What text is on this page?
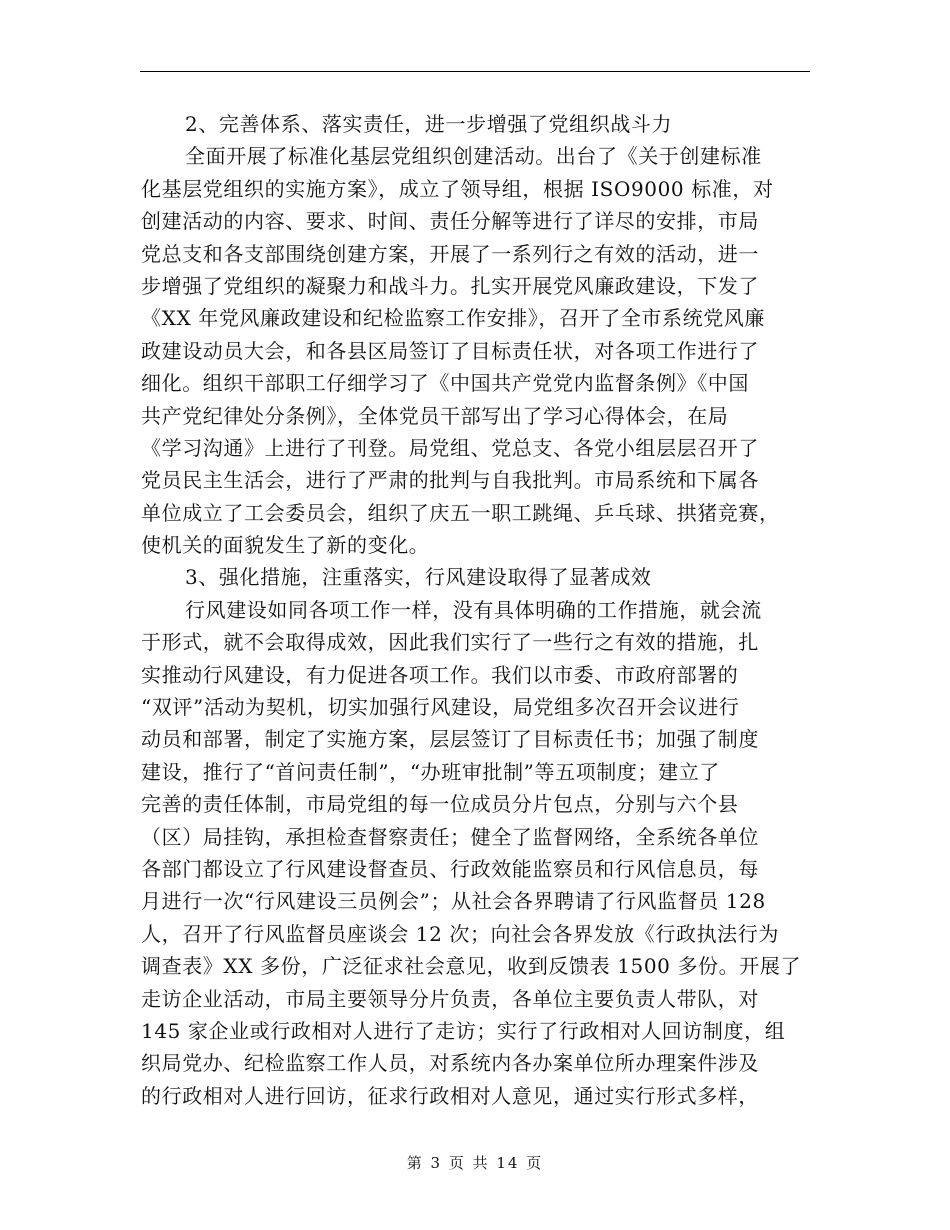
2、完善体系、落实责任，进一步增强了党组织战斗力
全面开展了标准化基层党组织创建活动。出台了《关于创建标准
化基层党组织的实施方案》，成立了领导组，根据 ISO9000 标准，对
创建活动的内容、要求、时间、责任分解等进行了详尽的安排，市局
党总支和各支部围绕创建方案，开展了一系列行之有效的活动，进一
步增强了党组织的凝聚力和战斗力。扎实开展党风廉政建设，下发了
《XX 年党风廉政建设和纪检监察工作安排》，召开了全市系统党风廉
政建设动员大会，和各县区局签订了目标责任状，对各项工作进行了
细化。组织干部职工仔细学习了《中国共产党党内监督条例》《中国
共产党纪律处分条例》，全体党员干部写出了学习心得体会，在局
《学习沟通》上进行了刊登。局党组、党总支、各党小组层层召开了
党员民主生活会，进行了严肃的批判与自我批判。市局系统和下属各
单位成立了工会委员会，组织了庆五一职工跳绳、乒乓球、拱猪竞赛，
使机关的面貌发生了新的变化。
3、强化措施，注重落实，行风建设取得了显著成效
行风建设如同各项工作一样，没有具体明确的工作措施，就会流
于形式，就不会取得成效，因此我们实行了一些行之有效的措施，扎
实推动行风建设，有力促进各项工作。我们以市委、市政府部署的
“双评”活动为契机，切实加强行风建设，局党组多次召开会议进行
动员和部署，制定了实施方案，层层签订了目标责任书；加强了制度
建设，推行了“首问责任制”，“办班审批制”等五项制度；建立了
完善的责任体制，市局党组的每一位成员分片包点，分别与六个县
（区）局挂钩，承担检查督察责任；健全了监督网络，全系统各单位
各部门都设立了行风建设督查员、行政效能监察员和行风信息员，每
月进行一次“行风建设三员例会”；从社会各界聘请了行风监督员 128
人，召开了行风监督员座谈会 12 次；向社会各界发放《行政执法行为
调查表》XX 多份，广泛征求社会意见，收到反馈表 1500 多份。开展了
走访企业活动，市局主要领导分片负责，各单位主要负责人带队，对
145 家企业或行政相对人进行了走访；实行了行政相对人回访制度，组
织局党办、纪检监察工作人员，对系统内各办案单位所办理案件涉及
的行政相对人进行回访，征求行政相对人意见，通过实行形式多样，
第 3 页 共 14 页
